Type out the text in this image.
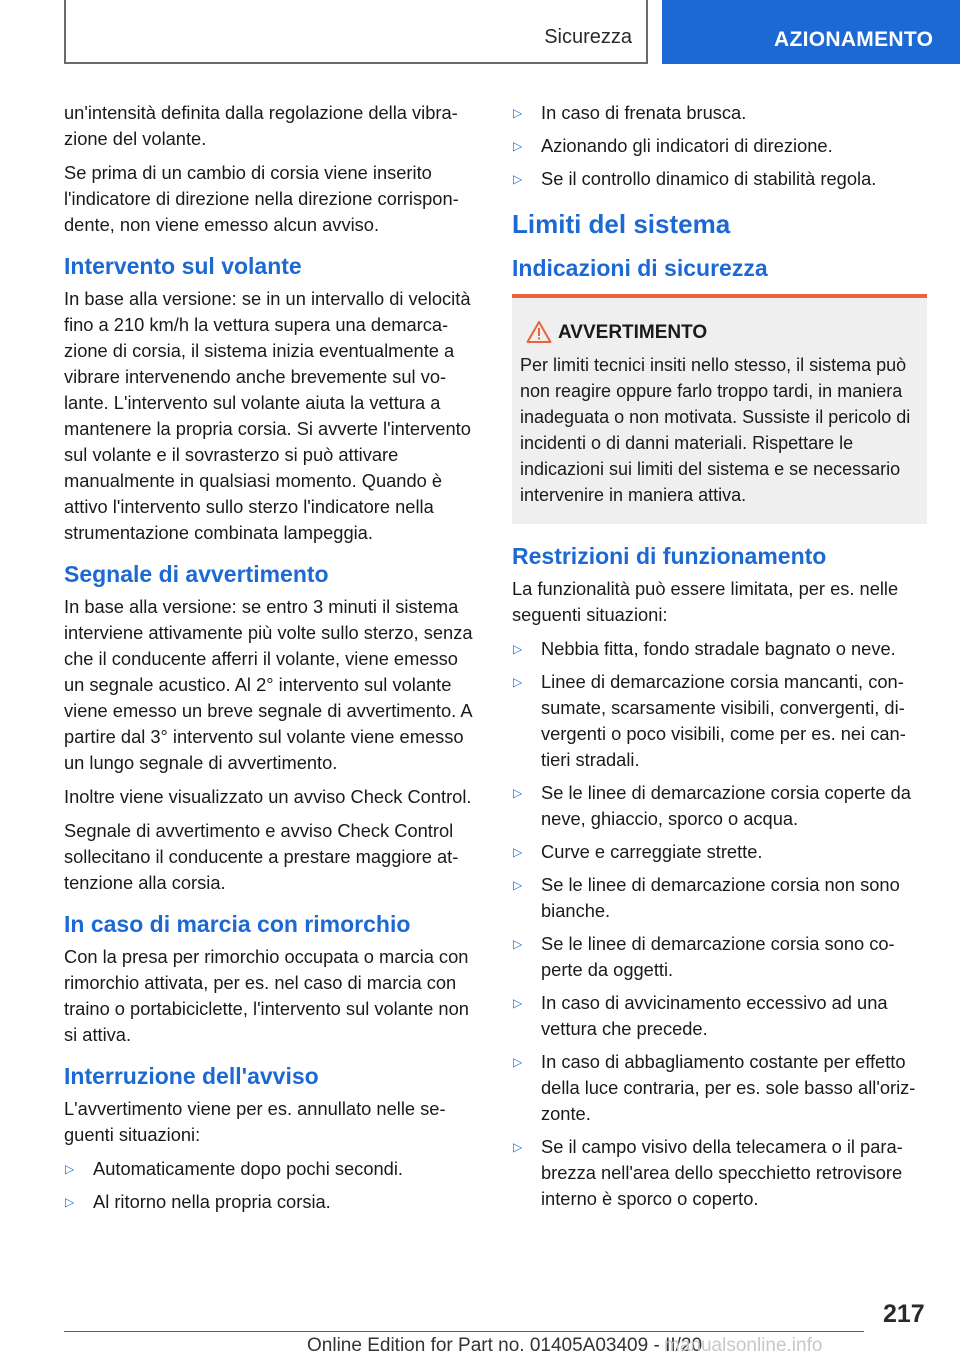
Sicurezza	AZIONAMENTO

un'intensità definita dalla regolazione della vibrazione del volante.

Se prima di un cambio di corsia viene inserito l'indicatore di direzione nella direzione corrispondente, non viene emesso alcun avviso.

Intervento sul volante

In base alla versione: se in un intervallo di velocità fino a 210 km/h la vettura supera una demarcazione di corsia, il sistema inizia eventualmente a vibrare intervenendo anche brevemente sul volante. L'intervento sul volante aiuta la vettura a mantenere la propria corsia. Si avverte l'intervento sul volante e il sovrasterzo si può attivare manualmente in qualsiasi momento. Quando è attivo l'intervento sullo sterzo l'indicatore nella strumentazione combinata lampeggia.

Segnale di avvertimento

In base alla versione: se entro 3 minuti il sistema interviene attivamente più volte sullo sterzo, senza che il conducente afferri il volante, viene emesso un segnale acustico. Al 2° intervento sul volante viene emesso un breve segnale di avvertimento. A partire dal 3° intervento sul volante viene emesso un lungo segnale di avvertimento.

Inoltre viene visualizzato un avviso Check Control.

Segnale di avvertimento e avviso Check Control sollecitano il conducente a prestare maggiore attenzione alla corsia.

In caso di marcia con rimorchio

Con la presa per rimorchio occupata o marcia con rimorchio attivata, per es. nel caso di marcia con traino o portabiciclette, l'intervento sul volante non si attiva.

Interruzione dell'avviso

L'avvertimento viene per es. annullato nelle seguenti situazioni:

▷ Automaticamente dopo pochi secondi.
▷ Al ritorno nella propria corsia.
▷ In caso di frenata brusca.
▷ Azionando gli indicatori di direzione.
▷ Se il controllo dinamico di stabilità regola.
Limiti del sistema
Indicazioni di sicurezza
AVVERTIMENTO
Per limiti tecnici insiti nello stesso, il sistema può non reagire oppure farlo troppo tardi, in maniera inadeguata o non motivata. Sussiste il pericolo di incidenti o di danni materiali. Rispettare le indicazioni sui limiti del sistema e se necessario intervenire in maniera attiva.
Restrizioni di funzionamento

La funzionalità può essere limitata, per es. nelle seguenti situazioni:

▷ Nebbia fitta, fondo stradale bagnato o neve.
▷ Linee di demarcazione corsia mancanti, consumate, scarsamente visibili, convergenti, divergenti o poco visibili, come per es. nei cantieri stradali.
▷ Se le linee di demarcazione corsia coperte da neve, ghiaccio, sporco o acqua.
▷ Curve e carreggiate strette.
▷ Se le linee di demarcazione corsia non sono bianche.
▷ Se le linee di demarcazione corsia sono coperte da oggetti.
▷ In caso di avvicinamento eccessivo ad una vettura che precede.
▷ In caso di abbagliamento costante per effetto della luce contraria, per es. sole basso all'orizzonte.
▷ Se il campo visivo della telecamera o il parabrezza nell'area dello specchietto retrovisore interno è sporco o coperto.
217
Online Edition for Part no. 01405A03409 - II/20
manualsonline.info
